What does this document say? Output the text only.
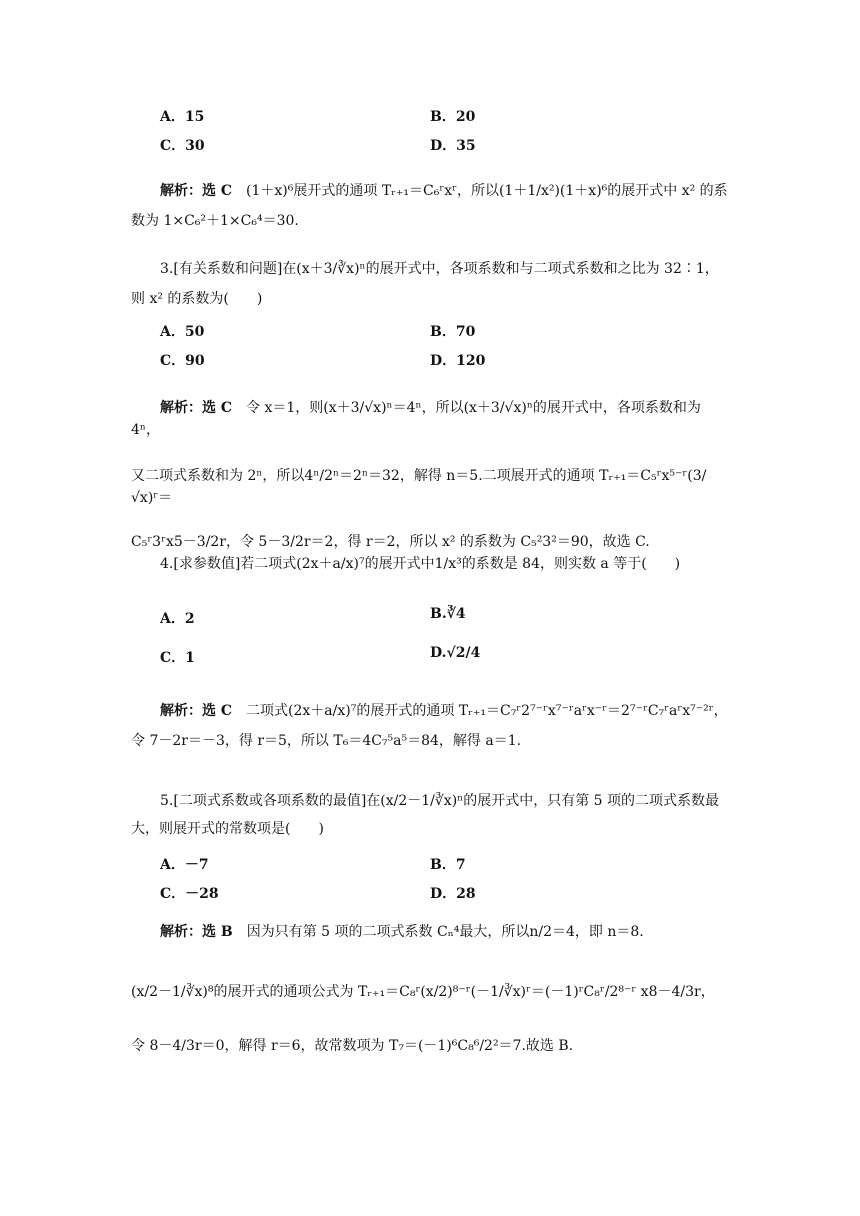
A．15	B．20
C．30	D．35
解析：选 C　 (1＋x)⁶展开式的通项 Tᵣ₊₁＝C₆ʳxʳ，所以(1＋1/x²)(1＋x)⁶的展开式中 x² 的系
数为 1×C₆²＋1×C₆⁴＝30.
3.[有关系数和问题]在(x＋3/∛x)ⁿ的展开式中，各项系数和与二项式系数和之比为 32∶1，
则 x² 的系数为(　　)
A．50	B．70
C．90	D．120
解析：选 C　 令 x＝1，则(x＋3/√x)ⁿ＝4ⁿ，所以(x＋3/√x)ⁿ的展开式中，各项系数和为 4ⁿ，
又二项式系数和为 2ⁿ，所以4ⁿ/2ⁿ＝2ⁿ＝32，解得 n＝5.二项展开式的通项 Tᵣ₊₁＝C₅ʳx⁵⁻ʳ(3/√x)ʳ＝
C₅ʳ3ʳx5－3/2r，令 5－3/2r＝2，得 r＝2，所以 x² 的系数为 C₅²3²＝90，故选 C.
4.[求参数值]若二项式(2x＋a/x)⁷的展开式中1/x³的系数是 84，则实数 a 等于(　　)
A．2	B.∛4
C．1	D.√2/4
解析：选 C　 二项式(2x＋a/x)⁷的展开式的通项 Tᵣ₊₁＝C₇ʳ2⁷⁻ʳx⁷⁻ʳaʳx⁻ʳ＝2⁷⁻ʳC₇ʳaʳx⁷⁻²ʳ，
令 7－2r＝－3，得 r＝5，所以 T₆＝4C₇⁵a⁵＝84，解得 a＝1.
5.[二项式系数或各项系数的最值]在(x/2－1/∛x)ⁿ的展开式中，只有第 5 项的二项式系数最
大，则展开式的常数项是(　　)
A．－7	B．7
C．－28	D．28
解析：选 B　 因为只有第 5 项的二项式系数 Cₙ⁴最大，所以n/2＝4，即 n＝8.
(x/2－1/∛x)⁸的展开式的通项公式为 Tᵣ₊₁＝C₈ʳ(x/2)⁸⁻ʳ(－1/∛x)ʳ＝(－1)ʳC₈ʳ/2⁸⁻ʳ x8－4/3r，
令 8－4/3r＝0，解得 r＝6，故常数项为 T₇＝(－1)⁶C₈⁶/2²＝7.故选 B.
